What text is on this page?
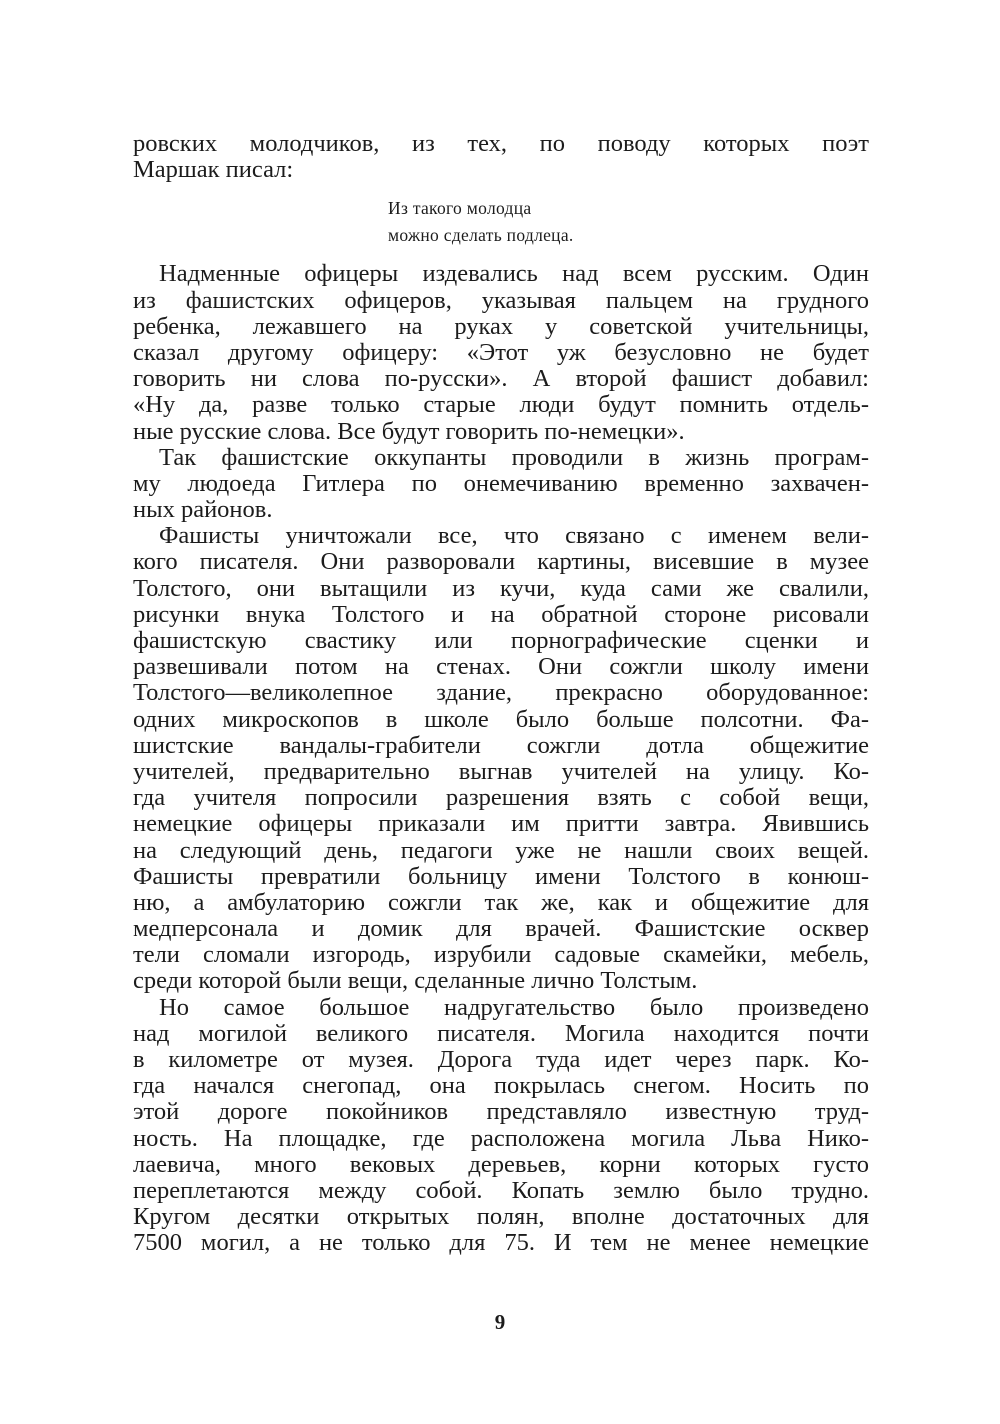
ровских молодчиков, из тех, по поводу которых поэт
Маршак писал:
Из такого молодца
можно сделать подлеца.
Надменные офицеры издевались над всем русским. Один
из фашистских офицеров, указывая пальцем на грудного
ребенка, лежавшего на руках у советской учительницы,
сказал другому офицеру: «Этот уж безусловно не будет
говорить ни слова по-русски». А второй фашист добавил:
«Ну да, разве только старые люди будут помнить отдель-
ные русские слова. Все будут говорить по-немецки».
Так фашистские оккупанты проводили в жизнь програм-
му людоеда Гитлера по онемечиванию временно захвачен-
ных районов.
Фашисты уничтожали все, что связано с именем вели-
кого писателя. Они разворовали картины, висевшие в музее
Толстого, они вытащили из кучи, куда сами же свалили,
рисунки внука Толстого и на обратной стороне рисовали
фашистскую свастику или порнографические сценки и
развешивали потом на стенах. Они сожгли школу имени
Толстого—великолепное здание, прекрасно оборудованное:
одних микроскопов в школе было больше полсотни. Фа-
шистские вандалы-грабители сожгли дотла общежитие
учителей, предварительно выгнав учителей на улицу. Ко-
гда учителя попросили разрешения взять с собой вещи,
немецкие офицеры приказали им притти завтра. Явившись
на следующий день, педагоги уже не нашли своих вещей.
Фашисты превратили больницу имени Толстого в конюш-
ню, а амбулаторию сожгли так же, как и общежитие для
медперсонала и домик для врачей. Фашистские осквер
тели сломали изгородь, изрубили садовые скамейки, мебель,
среди которой были вещи, сделанные лично Толстым.
Но самое большое надругательство было произведено
над могилой великого писателя. Могила находится почти
в километре от музея. Дорога туда идет через парк. Ко-
гда начался снегопад, она покрылась снегом. Носить по
этой дороге покойников представляло известную труд-
ность. На площадке, где расположена могила Льва Нико-
лаевича, много вековых деревьев, корни которых густо
переплетаются между собой. Копать землю было трудно.
Кругом десятки открытых полян, вполне достаточных для
7500 могил, а не только для 75. И тем не менее немецкие
9
